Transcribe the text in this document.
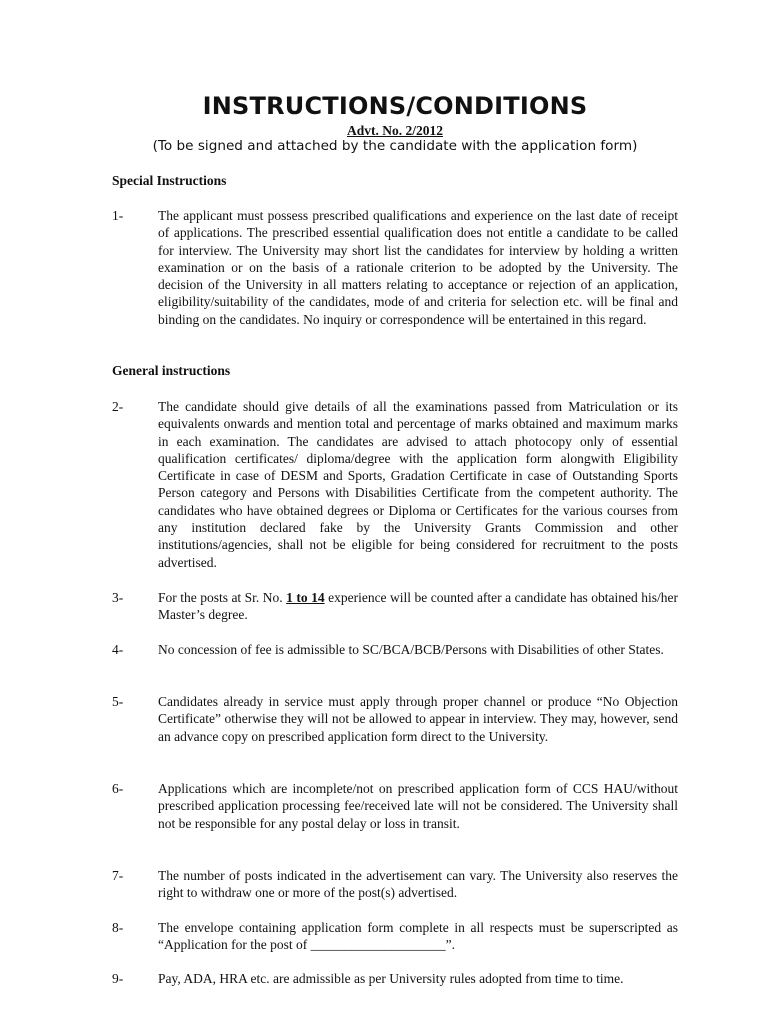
INSTRUCTIONS/CONDITIONS
Advt. No. 2/2012
(To be signed and attached by the candidate with the application form)
Special Instructions
1-	The applicant must possess prescribed qualifications and experience on the last date of receipt of applications. The prescribed essential qualification does not entitle a candidate to be called for interview. The University may short list the candidates for interview by holding a written examination or on the basis of a rationale criterion to be adopted by the University. The decision of the University in all matters relating to acceptance or rejection of an application, eligibility/suitability of the candidates, mode of and criteria for selection etc. will be final and binding on the candidates. No inquiry or correspondence will be entertained in this regard.
General instructions
2-	The candidate should give details of all the examinations passed from Matriculation or its equivalents onwards and mention total and percentage of marks obtained and maximum marks in each examination. The candidates are advised to attach photocopy only of essential qualification certificates/ diploma/degree with the application form alongwith Eligibility Certificate in case of DESM and Sports, Gradation Certificate in case of Outstanding Sports Person category and Persons with Disabilities Certificate from the competent authority. The candidates who have obtained degrees or Diploma or Certificates for the various courses from any institution declared fake by the University Grants Commission and other institutions/agencies, shall not be eligible for being considered for recruitment to the posts advertised.
3-	For the posts at Sr. No. 1 to 14 experience will be counted after a candidate has obtained his/her Master’s degree.
4-	No concession of fee is admissible to SC/BCA/BCB/Persons with Disabilities of other States.
5-	Candidates already in service must apply through proper channel or produce “No Objection Certificate” otherwise they will not be allowed to appear in interview. They may, however, send an advance copy on prescribed application form direct to the University.
6-	Applications which are incomplete/not on prescribed application form of CCS HAU/without prescribed application processing fee/received late will not be considered. The University shall not be responsible for any postal delay or loss in transit.
7-	The number of posts indicated in the advertisement can vary. The University also reserves the right to withdraw one or more of the post(s) advertised.
8-	The envelope containing application form complete in all respects must be superscripted as “Application for the post of ____________________”.
9-	Pay, ADA, HRA etc. are admissible as per University rules adopted from time to time.
